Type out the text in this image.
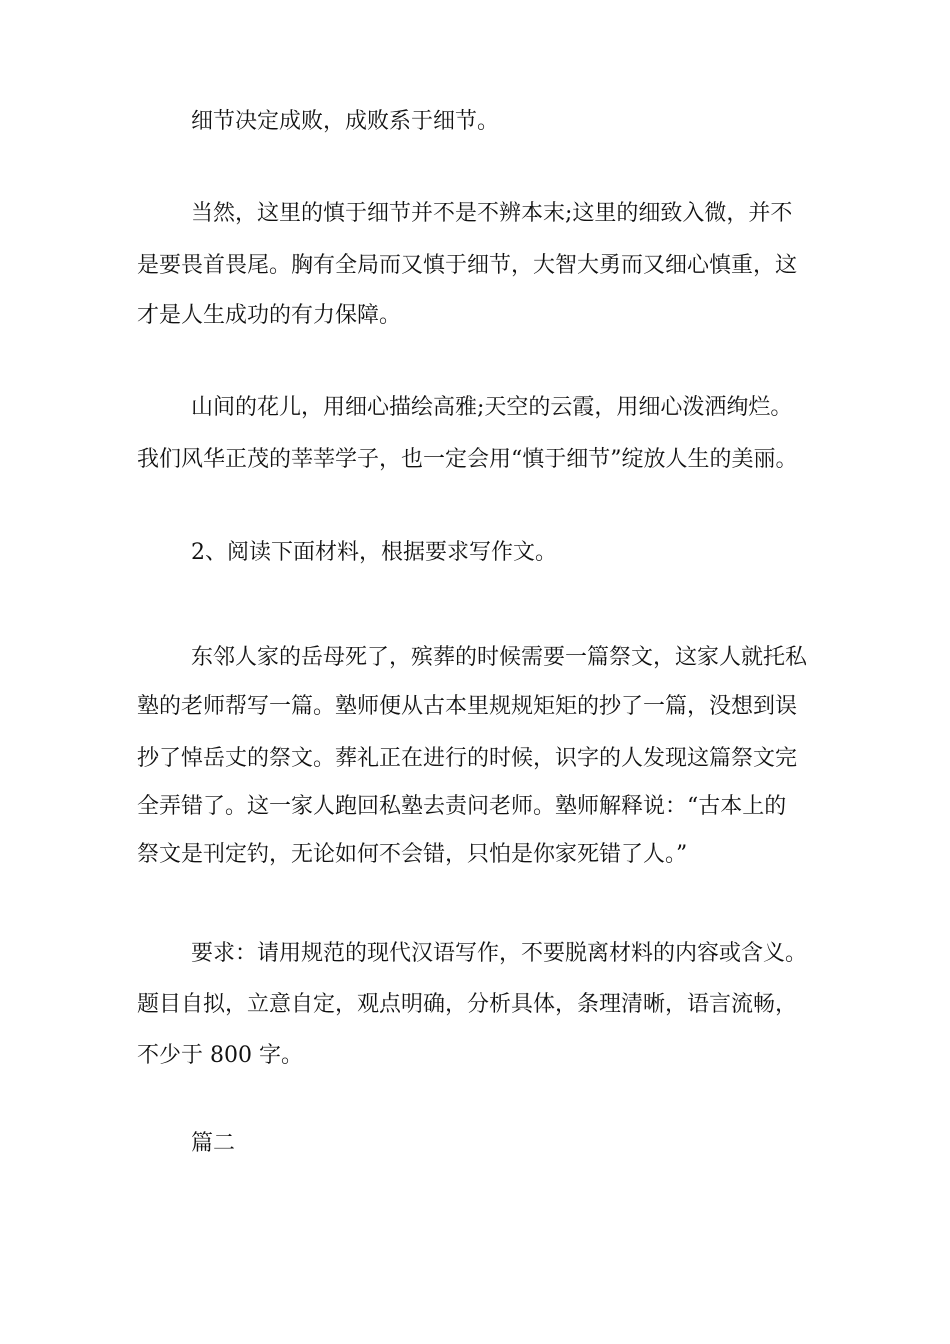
细节决定成败，成败系于细节。
当然，这里的慎于细节并不是不辨本末;这里的细致入微，并不
是要畏首畏尾。胸有全局而又慎于细节，大智大勇而又细心慎重，这
才是人生成功的有力保障。
山间的花儿，用细心描绘高雅;天空的云霞，用细心泼洒绚烂。
我们风华正茂的莘莘学子，也一定会用“慎于细节”绽放人生的美丽。
2、阅读下面材料，根据要求写作文。
东邻人家的岳母死了，殡葬的时候需要一篇祭文，这家人就托私
塾的老师帮写一篇。塾师便从古本里规规矩矩的抄了一篇，没想到误
抄了悼岳丈的祭文。葬礼正在进行的时候，识字的人发现这篇祭文完
全弄错了。这一家人跑回私塾去责问老师。塾师解释说：“古本上的
祭文是刊定钓，无论如何不会错，只怕是你家死错了人。”
要求：请用规范的现代汉语写作，不要脱离材料的内容或含义。
题目自拟，立意自定，观点明确，分析具体，条理清晰，语言流畅，
不少于 800 字。
篇二
